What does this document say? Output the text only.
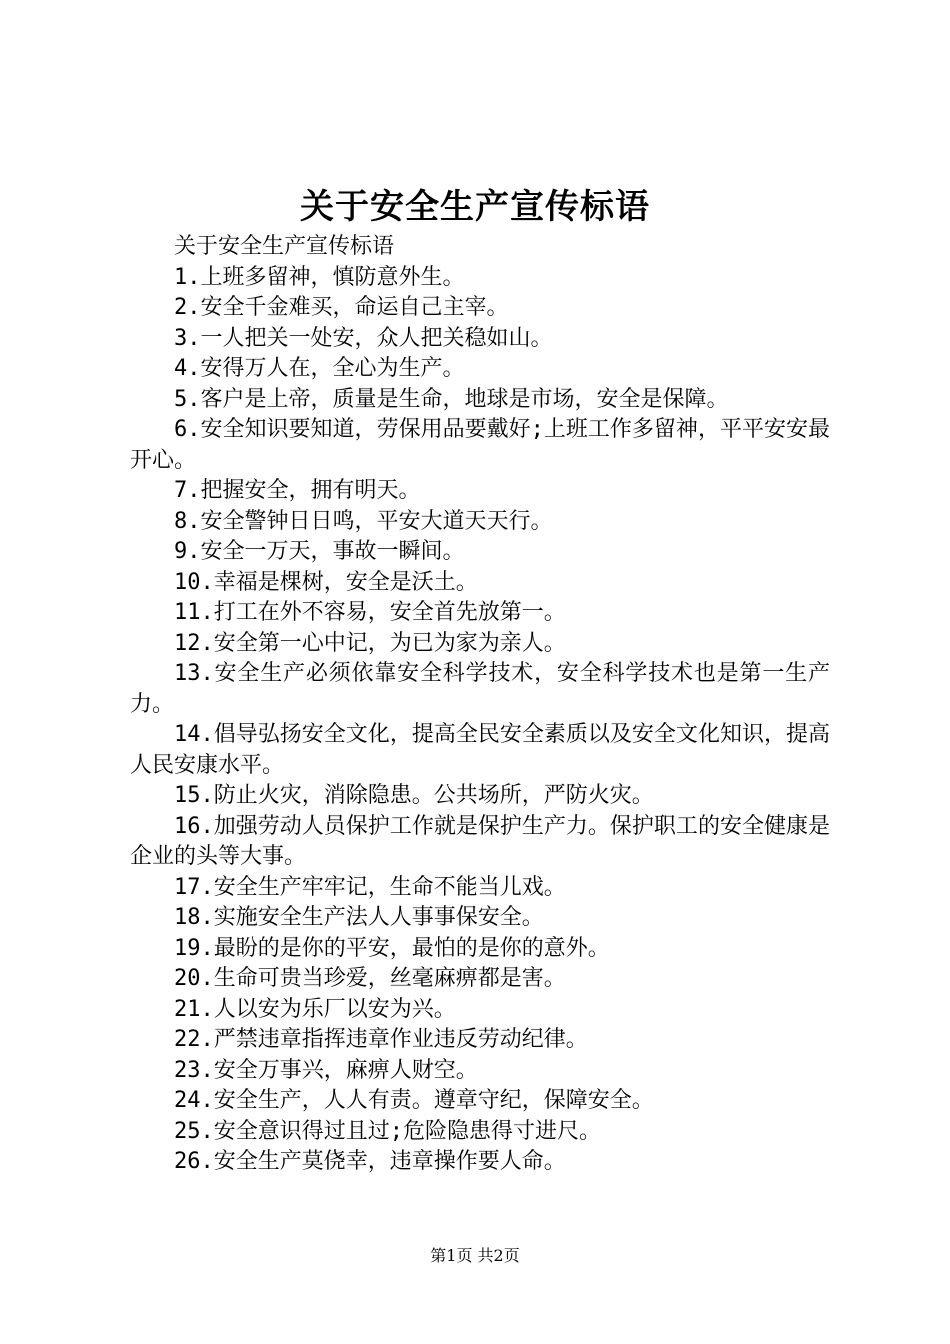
关于安全生产宣传标语

关于安全生产宣传标语

1.上班多留神，慎防意外生。

2.安全千金难买，命运自己主宰。

3.一人把关一处安，众人把关稳如山。

4.安得万人在，全心为生产。

5.客户是上帝，质量是生命，地球是市场，安全是保障。

6.安全知识要知道，劳保用品要戴好;上班工作多留神，平平安安最开心。

7.把握安全，拥有明天。

8.安全警钟日日鸣，平安大道天天行。

9.安全一万天，事故一瞬间。

10.幸福是棵树，安全是沃土。

11.打工在外不容易，安全首先放第一。

12.安全第一心中记，为已为家为亲人。

13.安全生产必须依靠安全科学技术，安全科学技术也是第一生产力。

14.倡导弘扬安全文化，提高全民安全素质以及安全文化知识，提高人民安康水平。

15.防止火灾，消除隐患。公共场所，严防火灾。

16.加强劳动人员保护工作就是保护生产力。保护职工的安全健康是企业的头等大事。

17.安全生产牢牢记，生命不能当儿戏。

18.实施安全生产法人人事事保安全。

19.最盼的是你的平安，最怕的是你的意外。

20.生命可贵当珍爱，丝毫麻痹都是害。

21.人以安为乐厂以安为兴。

22.严禁违章指挥违章作业违反劳动纪律。

23.安全万事兴，麻痹人财空。

24.安全生产，人人有责。遵章守纪，保障安全。

25.安全意识得过且过;危险隐患得寸进尺。

26.安全生产莫侥幸，违章操作要人命。

第1页 共2页
